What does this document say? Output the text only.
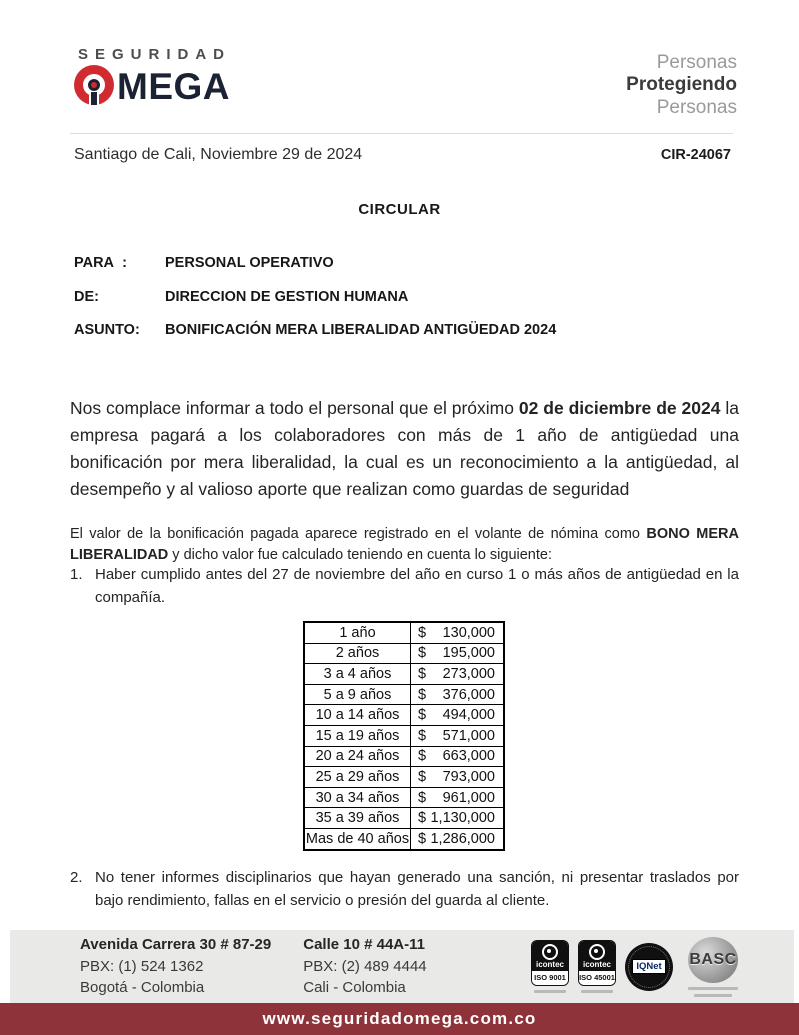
SEGURIDAD
MEGA
Personas
Protegiendo
Personas
Santiago de Cali, Noviembre 29 de 2024	CIR-24067
CIRCULAR
PARA  :	PERSONAL OPERATIVO
DE:	DIRECCION DE GESTION HUMANA
ASUNTO:	BONIFICACIÓN MERA LIBERALIDAD ANTIGÜEDAD 2024

Nos complace informar a todo el personal que el próximo 02 de diciembre de 2024 la empresa pagará a los colaboradores con más de 1 año de antigüedad una bonificación por mera liberalidad, la cual es un reconocimiento a la antigüedad, al desempeño y al valioso aporte que realizan como guardas de seguridad

El valor de la bonificación pagada aparece registrado en el volante de nómina como BONO MERA LIBERALIDAD y dicho valor fue calculado teniendo en cuenta lo siguiente:

1. Haber cumplido antes del 27 de noviembre del año en curso 1 o más años de antigüedad en la compañía.
1 año	$ 130,000

2 años	$ 195,000

3 a 4 años	$ 273,000

5 a 9 años	$ 376,000

10 a 14 años	$ 494,000

15 a 19 años	$ 571,000

20 a 24 años	$ 663,000

25 a 29 años	$ 793,000

30 a 34 años	$ 961,000

35 a 39 años	$ 1,130,000

Mas de 40 años	$ 1,286,000
2. No tener informes disciplinarios que hayan generado una sanción, ni presentar traslados por bajo rendimiento, fallas en el servicio o presión del guarda al cliente.
Avenida Carrera 30 # 87-29
PBX: (1) 524 1362
Bogotá - Colombia
Calle 10 # 44A-11
PBX: (2) 489 4444
Cali - Colombia
icontec
ISO 9001
icontec
ISO 45001
IQNet BASC
www.seguridadomega.com.co
